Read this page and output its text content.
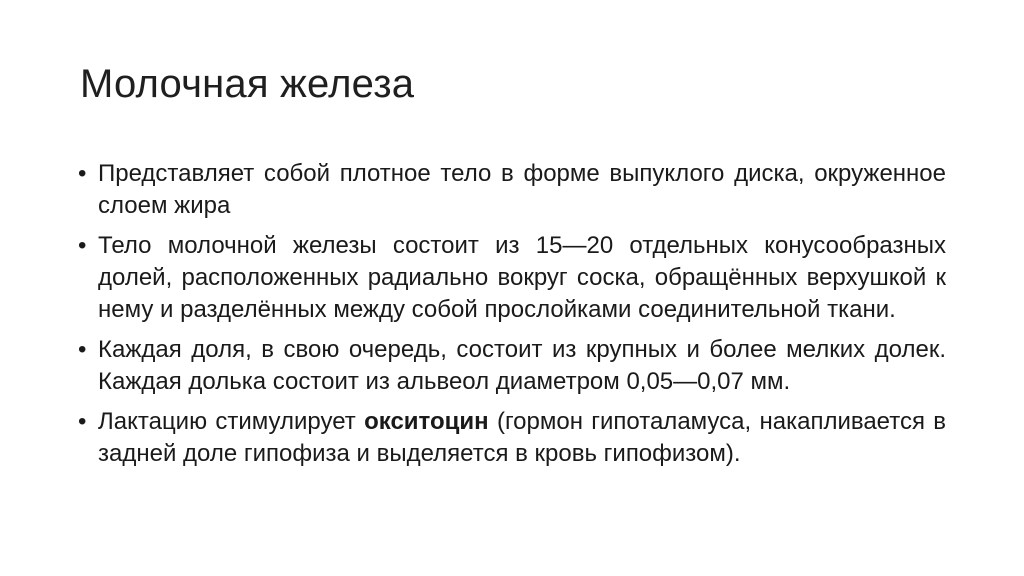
Молочная железа
• Представляет собой плотное тело в форме выпуклого диска, окруженное слоем жира
• Тело молочной железы состоит из 15—20 отдельных конусообразных долей, расположенных радиально вокруг соска, обращённых верхушкой к нему и разделённых между собой прослойками соединительной ткани.
• Каждая доля, в свою очередь, состоит из крупных и более мелких долек. Каждая долька состоит из альвеол диаметром 0,05—0,07 мм.
• Лактацию стимулирует окситоцин (гормон гипоталамуса, накапливается в задней доле гипофиза и выделяется в кровь гипофизом).
